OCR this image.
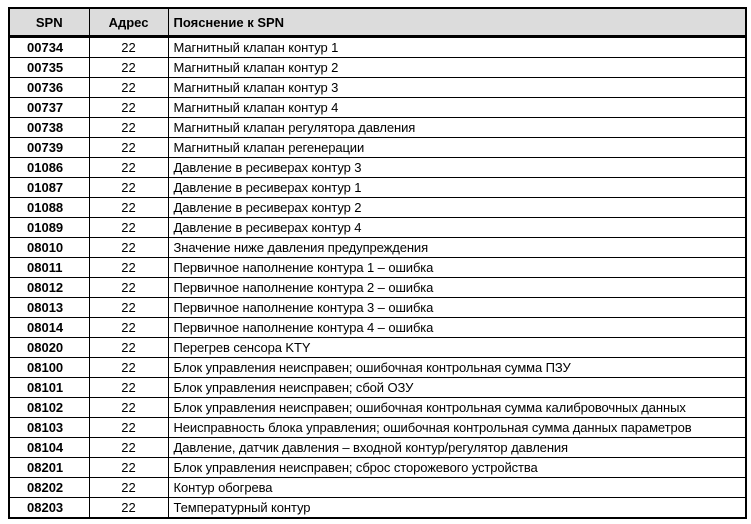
SPN	Адрес	Пояснение к SPN
00734	22	Магнитный клапан контур 1
00735	22	Магнитный клапан контур 2
00736	22	Магнитный клапан контур 3
00737	22	Магнитный клапан контур 4
00738	22	Магнитный клапан регулятора давления
00739	22	Магнитный клапан регенерации
01086	22	Давление в ресиверах контур 3
01087	22	Давление в ресиверах контур 1
01088	22	Давление в ресиверах контур 2
01089	22	Давление в ресиверах контур 4
08010	22	Значение ниже давления предупреждения
08011	22	Первичное наполнение контура 1 – ошибка
08012	22	Первичное наполнение контура 2 – ошибка
08013	22	Первичное наполнение контура 3 – ошибка
08014	22	Первичное наполнение контура 4 – ошибка
08020	22	Перегрев сенсора KTY
08100	22	Блок управления неисправен; ошибочная контрольная сумма ПЗУ
08101	22	Блок управления неисправен; сбой ОЗУ
08102	22	Блок управления неисправен; ошибочная контрольная сумма калибровочных данных
08103	22	Неисправность блока управления; ошибочная контрольная сумма данных параметров
08104	22	Давление, датчик давления – входной контур/регулятор давления
08201	22	Блок управления неисправен; сброс сторожевого устройства
08202	22	Контур обогрева
08203	22	Температурный контур
